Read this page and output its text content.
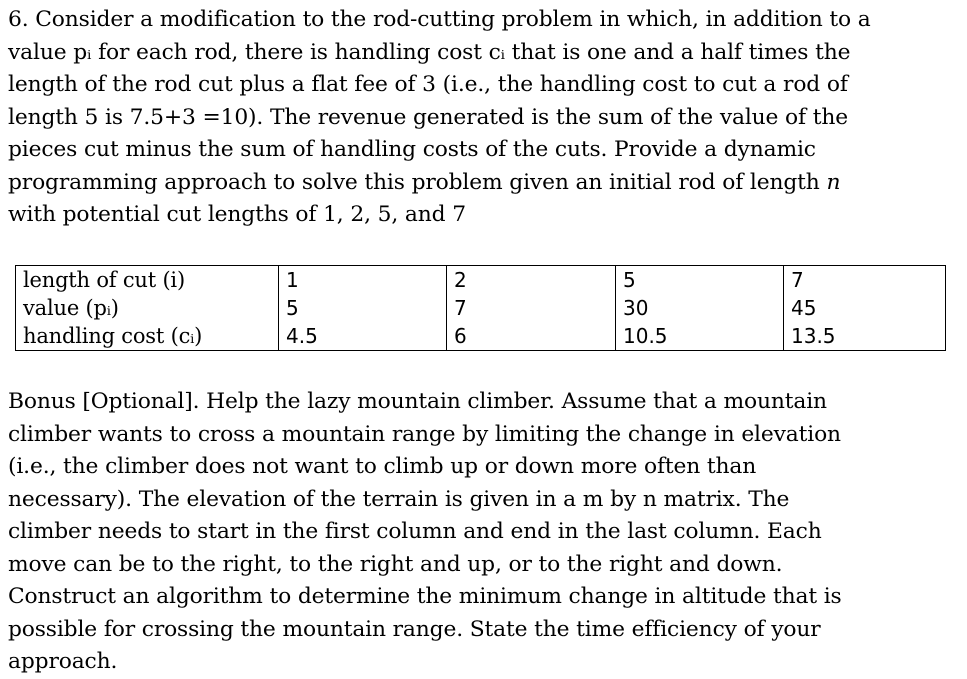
6. Consider a modification to the rod-cutting problem in which, in addition to a
value pᵢ for each rod, there is handling cost cᵢ that is one and a half times the
length of the rod cut plus a flat fee of 3 (i.e., the handling cost to cut a rod of
length 5 is 7.5+3 =10). The revenue generated is the sum of the value of the
pieces cut minus the sum of handling costs of the cuts. Provide a dynamic
programming approach to solve this problem given an initial rod of length n
with potential cut lengths of 1, 2, 5, and 7
length of cut (i)	1	2	5	7
value (pᵢ)	5	7	30	45
handling cost (cᵢ)	4.5	6	10.5	13.5
Bonus [Optional]. Help the lazy mountain climber. Assume that a mountain
climber wants to cross a mountain range by limiting the change in elevation
(i.e., the climber does not want to climb up or down more often than
necessary). The elevation of the terrain is given in a m by n matrix. The
climber needs to start in the first column and end in the last column. Each
move can be to the right, to the right and up, or to the right and down.
Construct an algorithm to determine the minimum change in altitude that is
possible for crossing the mountain range. State the time efficiency of your
approach.
